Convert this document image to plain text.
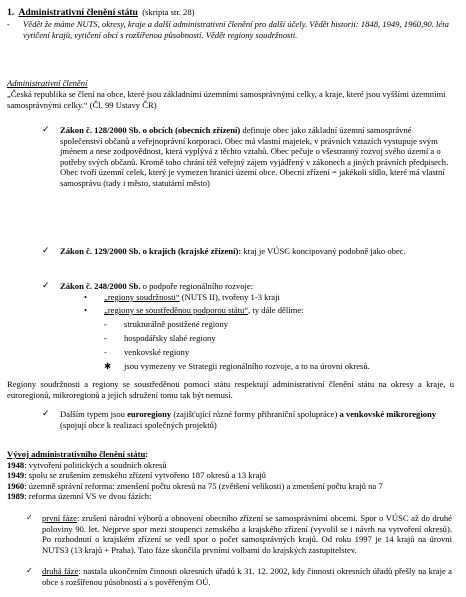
1. Administrativní členění státu (skripta str. 28)

- Vědět že máme NUTS, okresy, kraje a další administrativní členění pro další účely. Vědět historii: 1848, 1949, 1960,90. léta vytičení krajů, vytičení obcí s rozšířenou působností. Vědět regiony soudržnosti.

Administrativní členění

„Česká republika se člení na obce, které jsou základními územními samosprávnými celky, a kraje, které jsou vyššími územními samosprávnými celky.“ (Čl. 99 Ustavy ČR)

✓ Zákon č. 128/2000 Sb. o obcích (obecních zřízení) definuje obec jako základní územní samosprávné společenství občanů a veřejnoprávní korporaci. Obec má vlastní majetek, v právních vztazích vystupuje svým jménem a nese zodpovědnost, která vyplývá z těchto vztahů. Obec pečuje o všestranný rozvoj svého území a o potřeby svých občanů. Kromě toho chrání též veřejný zájem vyjádřený v zákonech a jiných právních předpisech. Obec tvoří územní celek, který je vymezen hranicí území obce. Obecní zřízení = jakékoli sídlo, které má vlastní samosprávu (tady i město, statutární město)

✓ Zákon č. 129/2000 Sb. o krajích (krajské zřízení): kraj je VÚSC koncipovaný podobně jako obec.

✓ Zákon č. 248/2000 Sb. o podpoře regionálního rozvoje:

• „regiony soudržnosti“ (NUTS II), tvořeny 1-3 kraji

• „regiony se soustředěnou podporou státu“, ty dále dělíme:

- strukturálně postižené regiony

- hospodářsky slabé regiony

- venkovské regiony

✱ jsou vymezeny ve Strategii regionálního rozvoje, a to na úrovni okresů.

Regiony soudržnosti a regiony se soustředěnou pomocí státu respektují administrativní členění státu na okresy a kraje, u euroregionů, mikroregionů a jejich sdružení tomu tak být nemusí.

✓ Dalším typem jsou euroregiony (zajišťující různé formy přihraniční spolupráce) a venkovské mikroregiony (spojují obce k realizaci společných projektů)

Vývoj administrativního členění státu:

1948: vytvoření politických a soudních okresů

1949: spolu se zrušením zemského zřízení vytvořeno 187 okresů a 13 krajů

1960: územně správní reforma: zmenšení počtu okresů na 75 (zvětšení velikosti) a zmenšení počtu krajů na 7

1989: reforma územní VS ve dvou fázích:

✓ první fáze: zrušení národní výborů a obnovení obecního zřízení se samosprávními obcemi. Spor o VÚSC až do druhé poloviny 90. let. Nejprve spor mezi stoupenci zemského a krajského zřízení (vyvolil se i návrh na vytvoření okresů). Po rozhodnutí o krajském zřízení se vedl spor o počet samosprávných krajů. Od roku 1997 je 14 krajů na úrovni NUTS3 (13 krajů + Praha). Tato fáze skončila prvními volbami do krajských zastupitelstev.

✓ druhá fáze: nastala ukončením činnosti okresních úřadů k 31. 12. 2002, kdy činnosti okresních úřadů přešly na kraje a obce s rozšířenou působností a s pověřeným OÚ.
